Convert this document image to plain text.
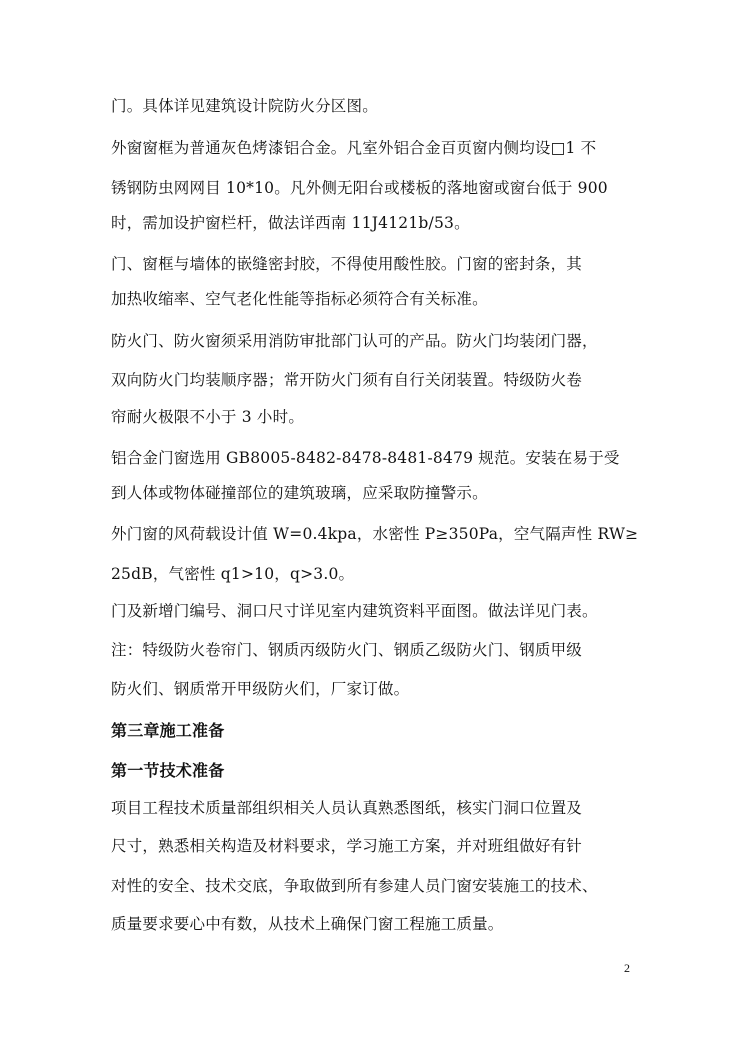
门。具体详见建筑设计院防火分区图。
外窗窗框为普通灰色烤漆铝合金。凡室外铝合金百页窗内侧均设□1 不
锈钢防虫网网目 10*10。凡外侧无阳台或楼板的落地窗或窗台低于 900
时，需加设护窗栏杆，做法详西南 11J4121b/53。
门、窗框与墙体的嵌缝密封胶，不得使用酸性胶。门窗的密封条，其
加热收缩率、空气老化性能等指标必须符合有关标准。
防火门、防火窗须采用消防审批部门认可的产品。防火门均装闭门器，
双向防火门均装顺序器；常开防火门须有自行关闭装置。特级防火卷
帘耐火极限不小于 3 小时。
铝合金门窗选用 GB8005-8482-8478-8481-8479 规范。安装在易于受
到人体或物体碰撞部位的建筑玻璃，应采取防撞警示。
外门窗的风荷载设计值 W=0.4kpa，水密性 P≥350Pa，空气隔声性 RW≥
25dB，气密性 q1>10，q>3.0。
门及新增门编号、洞口尺寸详见室内建筑资料平面图。做法详见门表。
注：特级防火卷帘门、钢质丙级防火门、钢质乙级防火门、钢质甲级
防火们、钢质常开甲级防火们，厂家订做。
第三章施工准备
第一节技术准备
项目工程技术质量部组织相关人员认真熟悉图纸，核实门洞口位置及
尺寸，熟悉相关构造及材料要求，学习施工方案，并对班组做好有针
对性的安全、技术交底，争取做到所有参建人员门窗安装施工的技术、
质量要求要心中有数，从技术上确保门窗工程施工质量。
2
